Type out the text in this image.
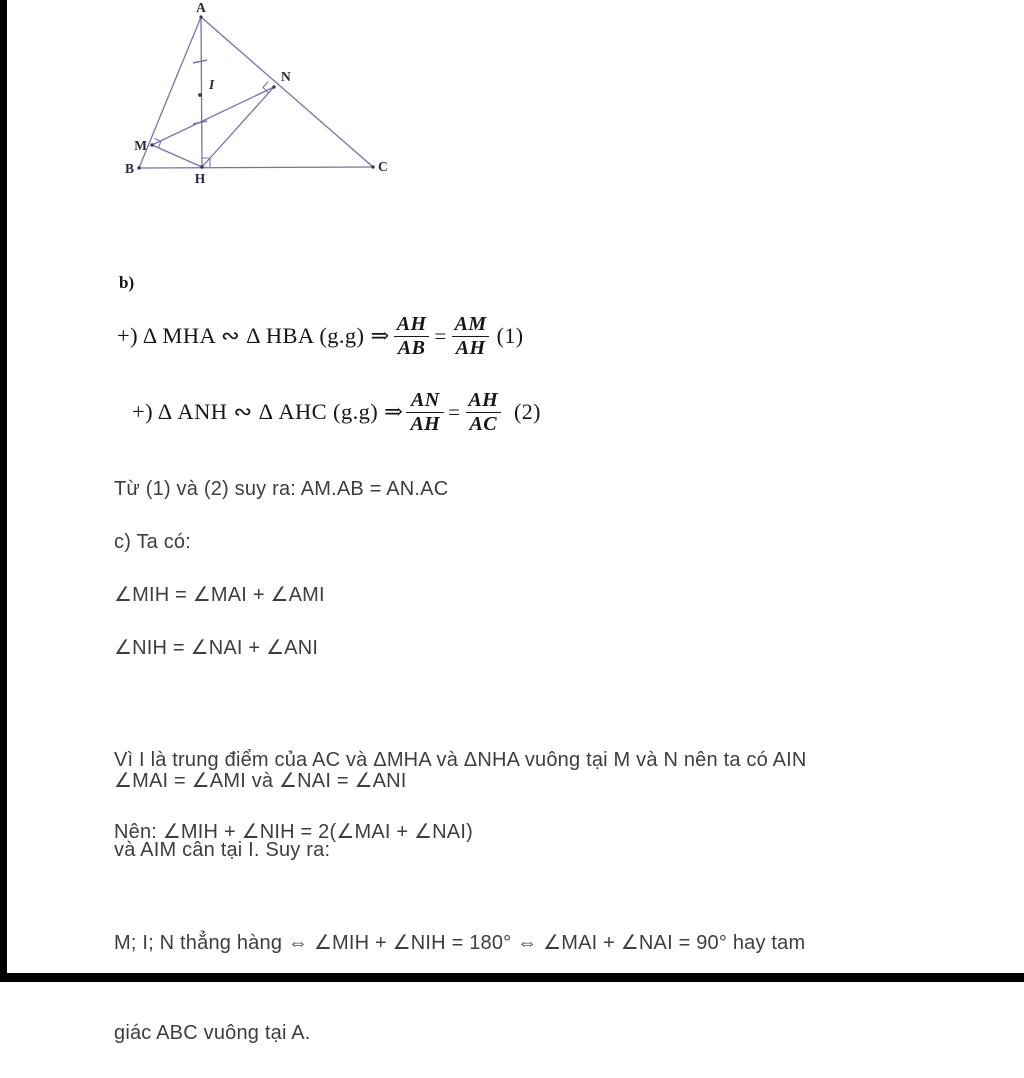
A
B	C
H
M
N
I
b)
+) Δ MHA ∾ Δ HBA (g.g) ⇒ $\frac{AH}{AB} = \frac{AM}{AH} (1)$
+) Δ ANH ∾ Δ AHC (g.g) ⇒ $\frac{AN}{AH} = \frac{AH}{AC} (2)$
Từ (1) và (2) suy ra: AM.AB = AN.AC
c) Ta có:
∠MIH = ∠MAI + ∠AMI
∠NIH = ∠NAI + ∠ANI

Vì I là trung điểm của AC và ΔMHA và ΔNHA vuông tại M và N nên ta có AIN

và AIM cân tại I. Suy ra:

∠MAI = ∠AMI và ∠NAI = ∠ANI
Nên: ∠MIH + ∠NIH = 2(∠MAI + ∠NAI)

M; I; N thẳng hàng ⇔ ∠MIH + ∠NIH = 180° ⇔ ∠MAI + ∠NAI = 90° hay tam

giác ABC vuông tại A.
